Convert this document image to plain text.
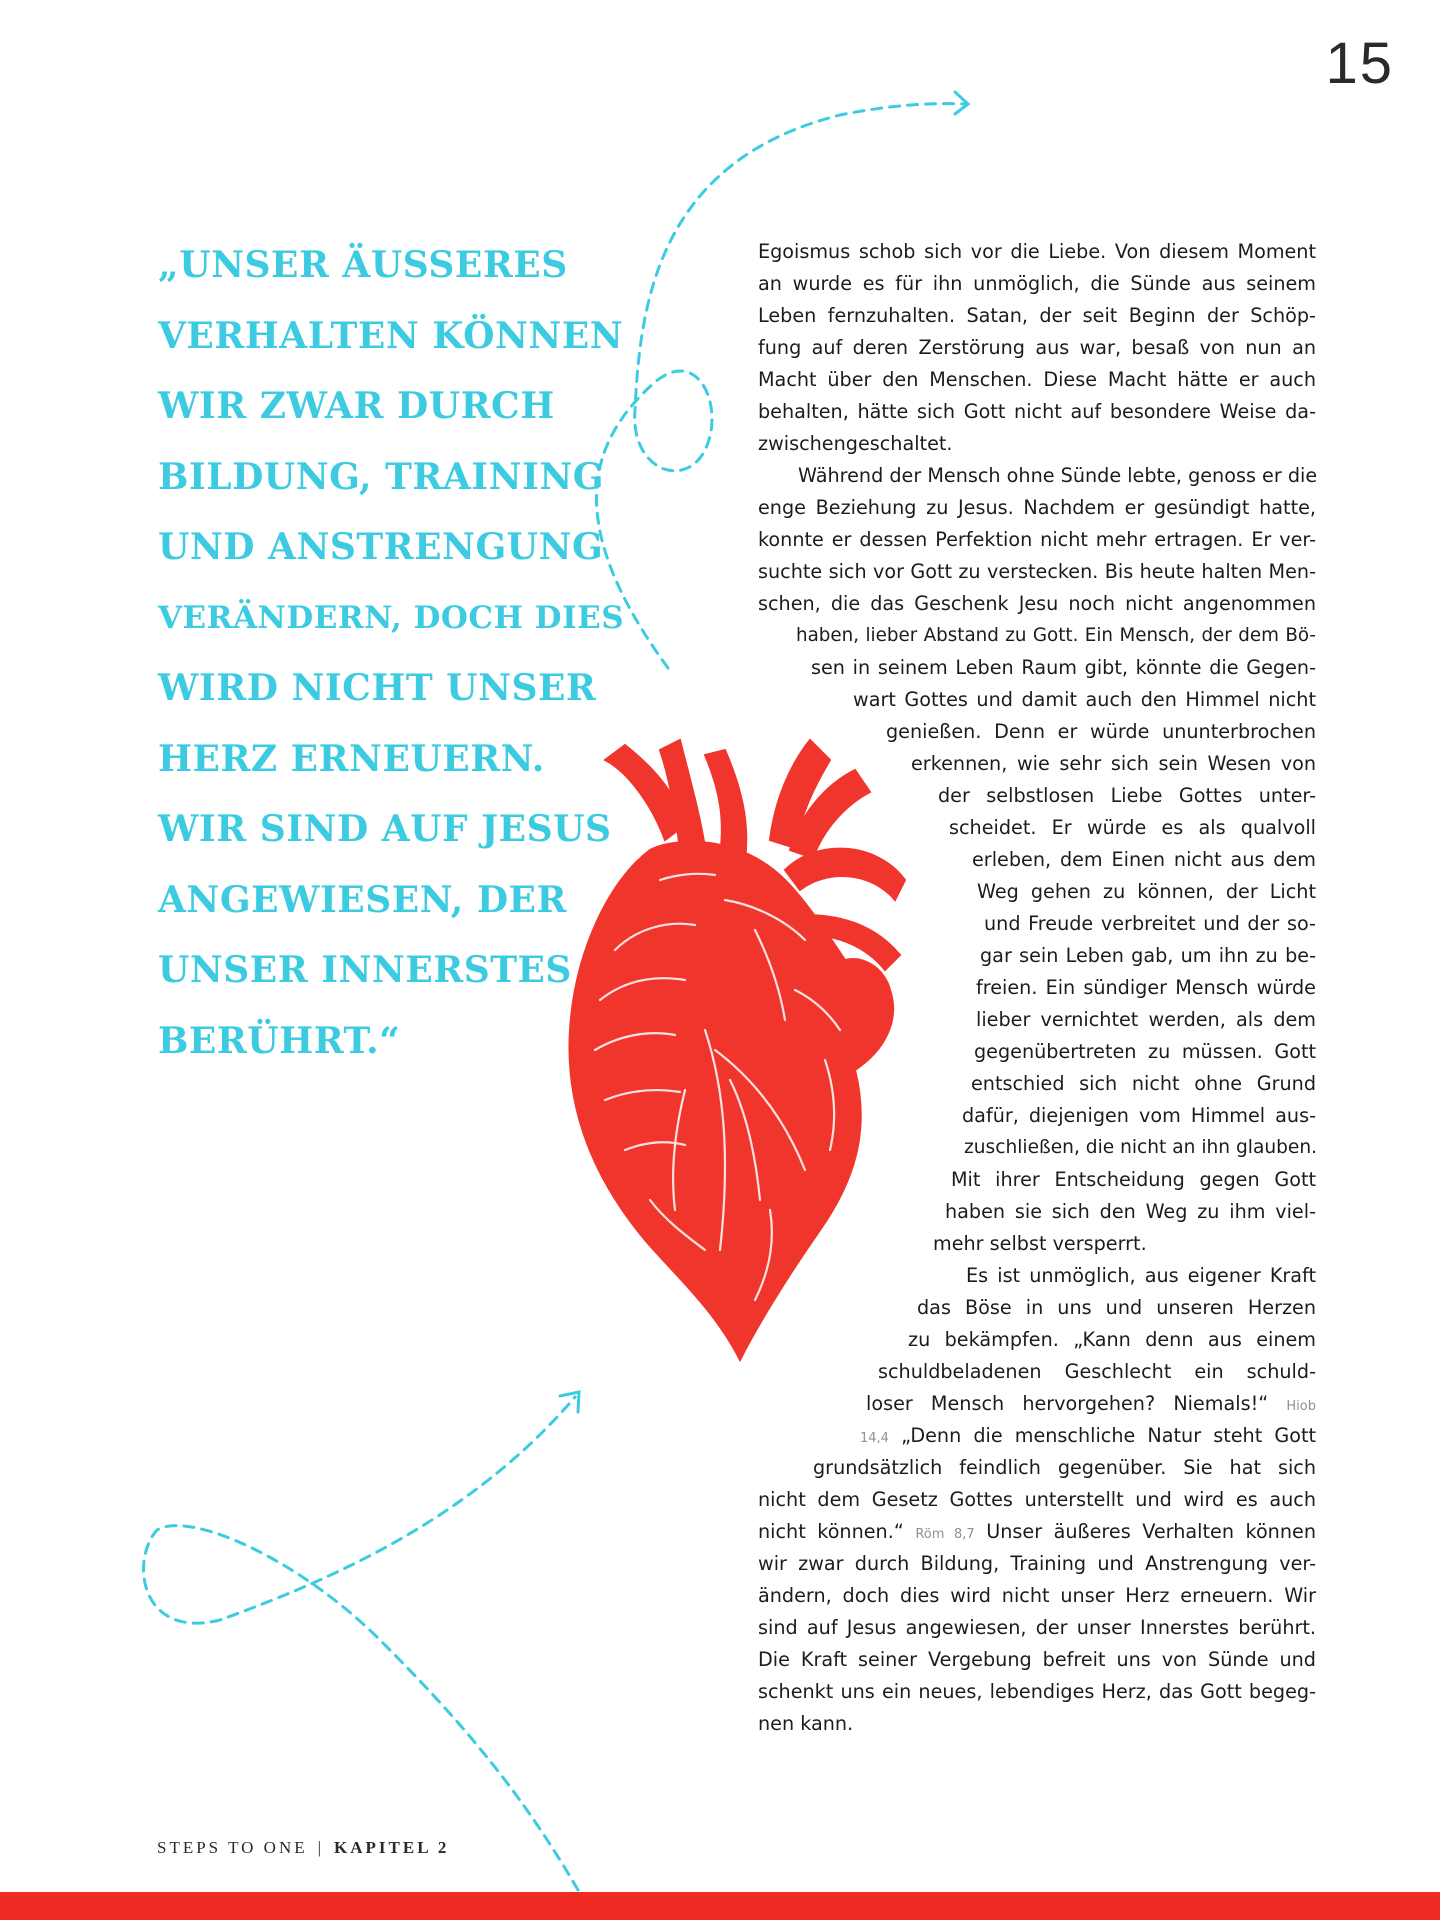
15
„UNSER ÄUSSERES
VERHALTEN KÖNNEN
WIR ZWAR DURCH
BILDUNG, TRAINING
UND ANSTRENGUNG
VERÄNDERN, DOCH DIES
WIRD NICHT UNSER
HERZ ERNEUERN.
WIR SIND AUF JESUS
ANGEWIESEN, DER
UNSER INNERSTES
BERÜHRT.“
Egoismus schob sich vor die Liebe. Von diesem Moment
an wurde es für ihn unmöglich, die Sünde aus seinem
Leben fernzuhalten. Satan, der seit Beginn der Schöp-
fung auf deren Zerstörung aus war, besaß von nun an
Macht über den Menschen. Diese Macht hätte er auch
behalten, hätte sich Gott nicht auf besondere Weise da-
zwischengeschaltet.
Während der Mensch ohne Sünde lebte, genoss er die
enge Beziehung zu Jesus. Nachdem er gesündigt hatte,
konnte er dessen Perfektion nicht mehr ertragen. Er ver-
suchte sich vor Gott zu verstecken. Bis heute halten Men-
schen, die das Geschenk Jesu noch nicht angenommen
haben, lieber Abstand zu Gott. Ein Mensch, der dem Bö-
sen in seinem Leben Raum gibt, könnte die Gegen-
wart Gottes und damit auch den Himmel nicht
genießen. Denn er würde ununterbrochen
erkennen, wie sehr sich sein Wesen von
der selbstlosen Liebe Gottes unter-
scheidet. Er würde es als qualvoll
erleben, dem Einen nicht aus dem
Weg gehen zu können, der Licht
und Freude verbreitet und der so-
gar sein Leben gab, um ihn zu be-
freien. Ein sündiger Mensch würde
lieber vernichtet werden, als dem
gegenübertreten zu müssen. Gott
entschied sich nicht ohne Grund
dafür, diejenigen vom Himmel aus-
zuschließen, die nicht an ihn glauben.
Mit ihrer Entscheidung gegen Gott
haben sie sich den Weg zu ihm viel-
mehr selbst versperrt.
Es ist unmöglich, aus eigener Kraft
das Böse in uns und unseren Herzen
zu bekämpfen. „Kann denn aus einem
schuldbeladenen Geschlecht ein schuld-
loser Mensch hervorgehen? Niemals!“ Hiob
14,4 „Denn die menschliche Natur steht Gott
grundsätzlich feindlich gegenüber. Sie hat sich
nicht dem Gesetz Gottes unterstellt und wird es auch
nicht können.“ Röm 8,7 Unser äußeres Verhalten können
wir zwar durch Bildung, Training und Anstrengung ver-
ändern, doch dies wird nicht unser Herz erneuern. Wir
sind auf Jesus angewiesen, der unser Innerstes berührt.
Die Kraft seiner Vergebung befreit uns von Sünde und
schenkt uns ein neues, lebendiges Herz, das Gott begeg-
nen kann.
STEPS TO ONE | KAPITEL 2
